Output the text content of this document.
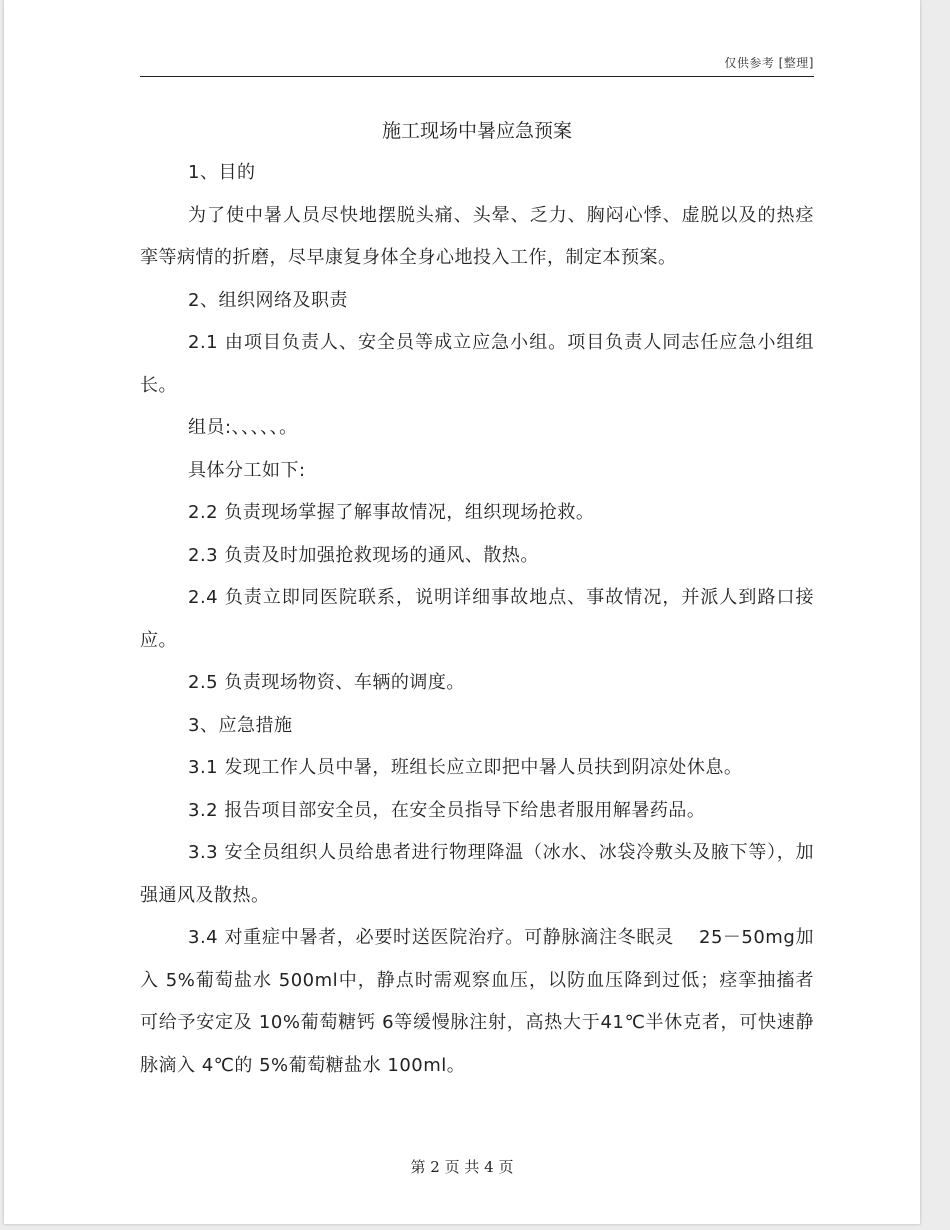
仅供参考 [整理]
施工现场中暑应急预案

1、目的

为了使中暑人员尽快地摆脱头痛、头晕、乏力、胸闷心悸、虚脱以及的热痉挛等病情的折磨，尽早康复身体全身心地投入工作，制定本预案。

2、组织网络及职责

2.1 由项目负责人、安全员等成立应急小组。项目负责人同志任应急小组组长。

组员:、、、、、。

具体分工如下:

2.2 负责现场掌握了解事故情况，组织现场抢救。

2.3 负责及时加强抢救现场的通风、散热。

2.4 负责立即同医院联系，说明详细事故地点、事故情况，并派人到路口接应。

2.5 负责现场物资、车辆的调度。

3、应急措施

3.1 发现工作人员中暑，班组长应立即把中暑人员扶到阴凉处休息。

3.2 报告项目部安全员，在安全员指导下给患者服用解暑药品。

3.3 安全员组织人员给患者进行物理降温（冰水、冰袋冷敷头及腋下等），加强通风及散热。

3.4 对重症中暑者，必要时送医院治疗。可静脉滴注冬眠灵　 25－50mg加入 5%葡萄盐水 500ml中，静点时需观察血压，以防血压降到过低；痉挛抽搐者可给予安定及 10%葡萄糖钙 6等缓慢脉注射，高热大于41℃半休克者，可快速静脉滴入 4℃的 5%葡萄糖盐水 100ml。

第 2 页 共 4 页
